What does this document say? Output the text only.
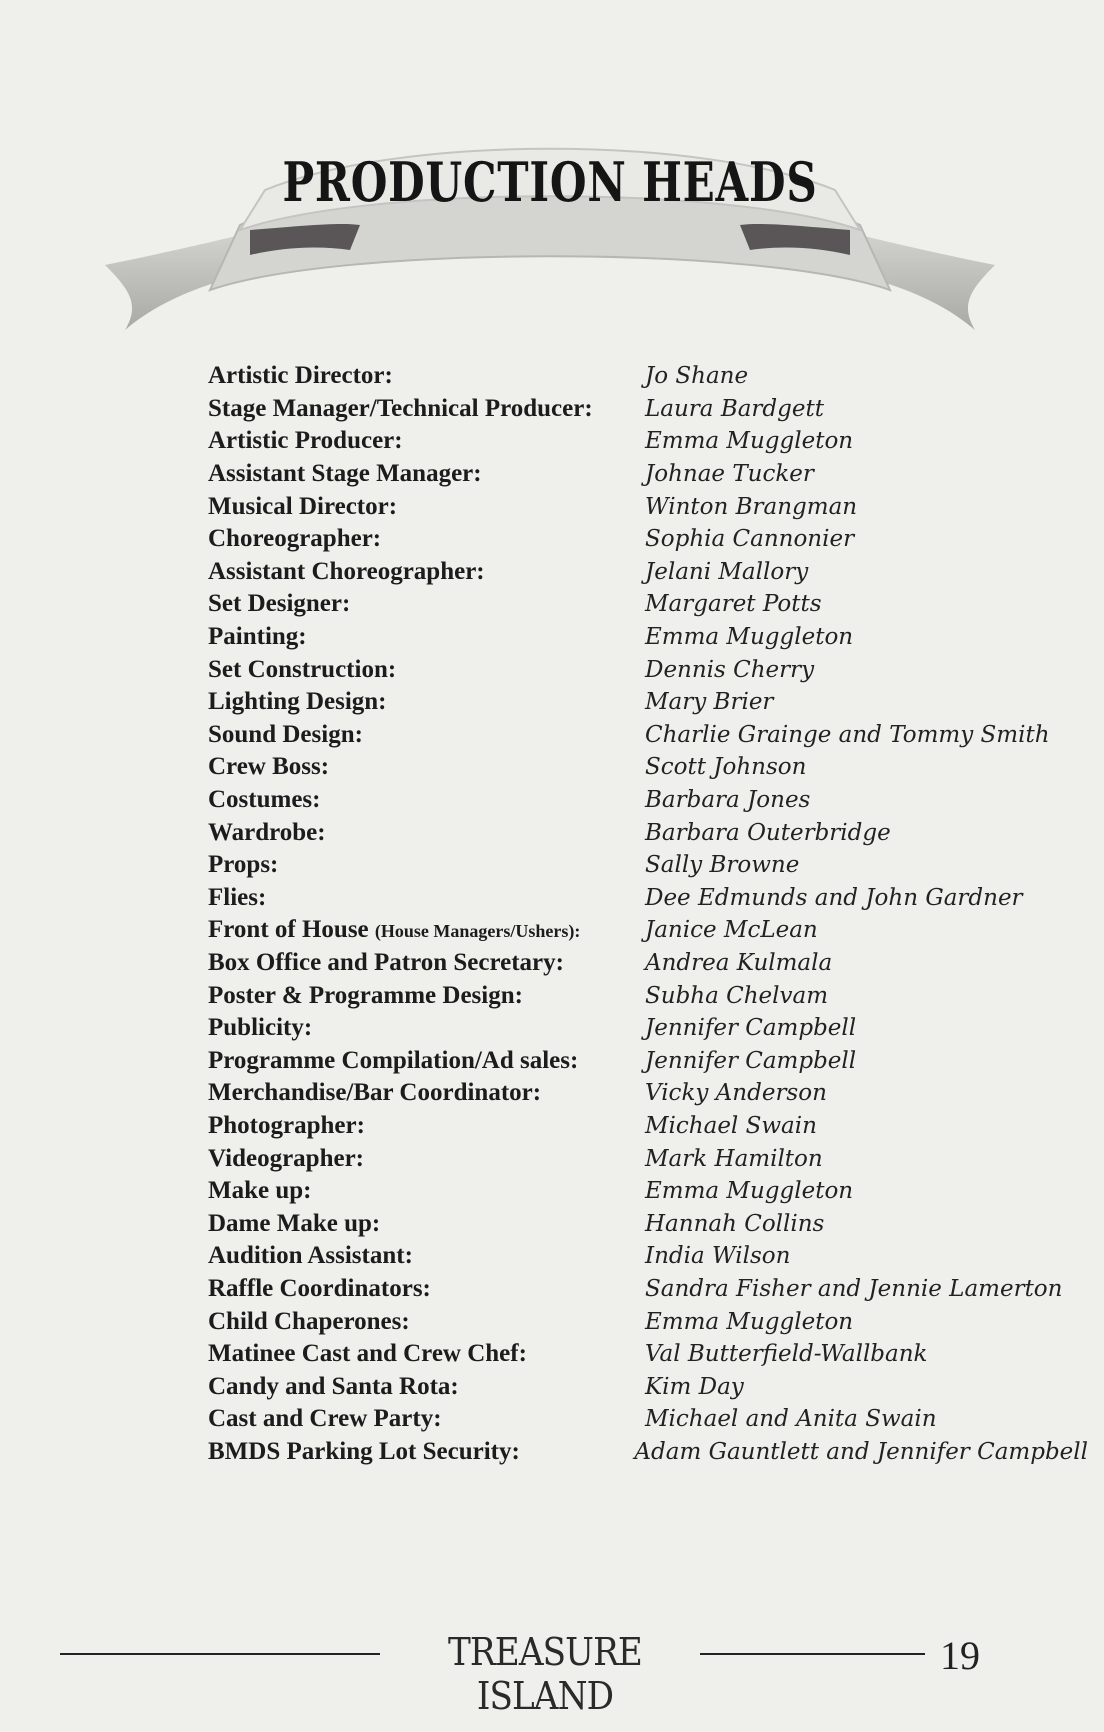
PRODUCTION HEADS
Artistic Director:	Jo Shane
Stage Manager/Technical Producer:	Laura Bardgett
Artistic Producer:	Emma Muggleton
Assistant Stage Manager:	Johnae Tucker
Musical Director:	Winton Brangman
Choreographer:	Sophia Cannonier
Assistant Choreographer:	Jelani Mallory
Set Designer:	Margaret Potts
Painting:	Emma Muggleton
Set Construction:	Dennis Cherry
Lighting Design:	Mary Brier
Sound Design:	Charlie Grainge and Tommy Smith
Crew Boss:	Scott Johnson
Costumes:	Barbara Jones
Wardrobe:	Barbara Outerbridge
Props:	Sally Browne
Flies:	Dee Edmunds and John Gardner
Front of House (House Managers/Ushers):	Janice McLean
Box Office and Patron Secretary:	Andrea Kulmala
Poster & Programme Design:	Subha Chelvam
Publicity:	Jennifer Campbell
Programme Compilation/Ad sales:	Jennifer Campbell
Merchandise/Bar Coordinator:	Vicky Anderson
Photographer:	Michael Swain
Videographer:	Mark Hamilton
Make up:	Emma Muggleton
Dame Make up:	Hannah Collins
Audition Assistant:	India Wilson
Raffle Coordinators:	Sandra Fisher and Jennie Lamerton
Child Chaperones:	Emma Muggleton
Matinee Cast and Crew Chef:	Val Butterfield-Wallbank
Candy and Santa Rota:	Kim Day
Cast and Crew Party:	Michael and Anita Swain
BMDS Parking Lot Security:	Adam Gauntlett and Jennifer Campbell
TREASURE ISLAND
19
